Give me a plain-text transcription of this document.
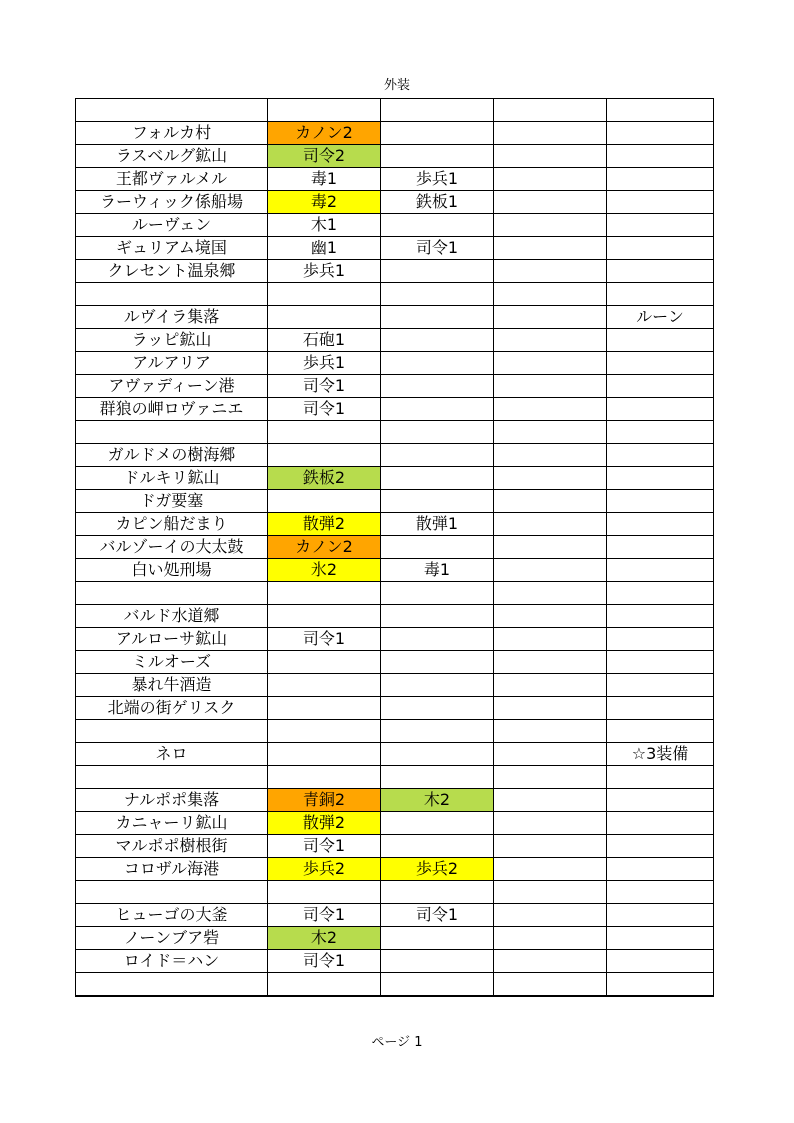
外装

フォルカ村	カノン2			
ラスベルグ鉱山	司令2			
王都ヴァルメル	毒1	歩兵1		
ラーウィック係船場	毒2	鉄板1		
ルーヴェン	木1			
ギュリアム境国	幽1	司令1		
クレセント温泉郷	歩兵1			

ルヴイラ集落				ルーン
ラッピ鉱山	石砲1			
アルアリア	歩兵1			
アヴァディーン港	司令1			
群狼の岬ロヴァニエ	司令1			

ガルドメの樹海郷				
ドルキリ鉱山	鉄板2			
ドガ要塞				
カピン船だまり	散弾2	散弾1		
バルゾーイの大太鼓	カノン2			
白い処刑場	氷2	毒1		

バルド水道郷				
アルローサ鉱山	司令1			
ミルオーズ				
暴れ牛酒造				
北端の街ゲリスク				

ネロ				☆3装備

ナルポポ集落	青銅2	木2		
カニャーリ鉱山	散弾2			
マルポポ樹根街	司令1			
コロザル海港	歩兵2	歩兵2		

ヒューゴの大釜	司令1	司令1		
ノーンブア砦	木2			
ロイド＝ハン	司令1			

ページ 1
